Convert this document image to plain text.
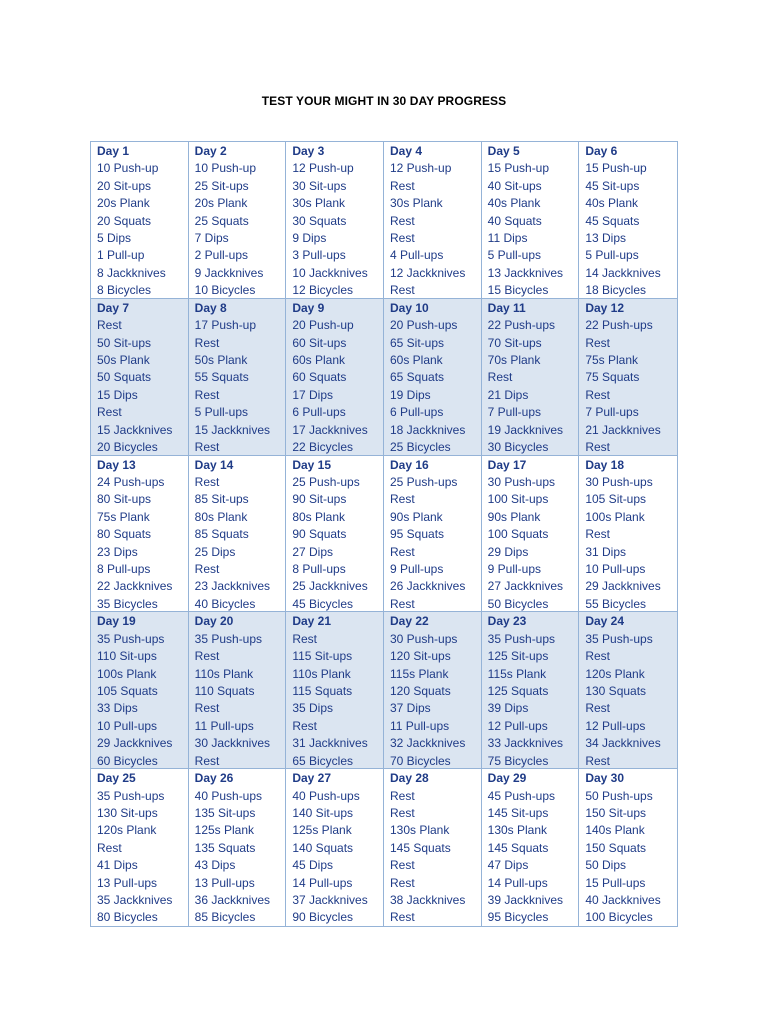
TEST YOUR MIGHT IN 30 DAY PROGRESS
Day 1
10 Push-up
20 Sit-ups
20s Plank
20 Squats
5 Dips
1 Pull-up
8 Jackknives
8 Bicycles
Day 2
10 Push-up
25 Sit-ups
20s Plank
25 Squats
7 Dips
2 Pull-ups
9 Jackknives
10 Bicycles
Day 3
12 Push-up
30 Sit-ups
30s Plank
30 Squats
9 Dips
3 Pull-ups
10 Jackknives
12 Bicycles
Day 4
12 Push-up
Rest
30s Plank
Rest
Rest
4 Pull-ups
12 Jackknives
Rest
Day 5
15 Push-up
40 Sit-ups
40s Plank
40 Squats
11 Dips
5 Pull-ups
13 Jackknives
15 Bicycles
Day 6
15 Push-up
45 Sit-ups
40s Plank
45 Squats
13 Dips
5 Pull-ups
14 Jackknives
18 Bicycles
Day 7
Rest
50 Sit-ups
50s Plank
50 Squats
15 Dips
Rest
15 Jackknives
20 Bicycles
Day 8
17 Push-up
Rest
50s Plank
55 Squats
Rest
5 Pull-ups
15 Jackknives
Rest
Day 9
20 Push-up
60 Sit-ups
60s Plank
60 Squats
17 Dips
6 Pull-ups
17 Jackknives
22 Bicycles
Day 10
20 Push-ups
65 Sit-ups
60s Plank
65 Squats
19 Dips
6 Pull-ups
18 Jackknives
25 Bicycles
Day 11
22 Push-ups
70 Sit-ups
70s Plank
Rest
21 Dips
7 Pull-ups
19 Jackknives
30 Bicycles
Day 12
22 Push-ups
Rest
75s Plank
75 Squats
Rest
7 Pull-ups
21 Jackknives
Rest
Day 13
24 Push-ups
80 Sit-ups
75s Plank
80 Squats
23 Dips
8 Pull-ups
22 Jackknives
35 Bicycles
Day 14
Rest
85 Sit-ups
80s Plank
85 Squats
25 Dips
Rest
23 Jackknives
40 Bicycles
Day 15
25 Push-ups
90 Sit-ups
80s Plank
90 Squats
27 Dips
8 Pull-ups
25 Jackknives
45 Bicycles
Day 16
25 Push-ups
Rest
90s Plank
95 Squats
Rest
9 Pull-ups
26 Jackknives
Rest
Day 17
30 Push-ups
100 Sit-ups
90s Plank
100 Squats
29 Dips
9 Pull-ups
27 Jackknives
50 Bicycles
Day 18
30 Push-ups
105 Sit-ups
100s Plank
Rest
31 Dips
10 Pull-ups
29 Jackknives
55 Bicycles
Day 19
35 Push-ups
110 Sit-ups
100s Plank
105 Squats
33 Dips
10 Pull-ups
29 Jackknives
60 Bicycles
Day 20
35 Push-ups
Rest
110s Plank
110 Squats
Rest
11 Pull-ups
30 Jackknives
Rest
Day 21
Rest
115 Sit-ups
110s Plank
115 Squats
35 Dips
Rest
31 Jackknives
65 Bicycles
Day 22
30 Push-ups
120 Sit-ups
115s Plank
120 Squats
37 Dips
11 Pull-ups
32 Jackknives
70 Bicycles
Day 23
35 Push-ups
125 Sit-ups
115s Plank
125 Squats
39 Dips
12 Pull-ups
33 Jackknives
75 Bicycles
Day 24
35 Push-ups
Rest
120s Plank
130 Squats
Rest
12 Pull-ups
34 Jackknives
Rest
Day 25
35 Push-ups
130 Sit-ups
120s Plank
Rest
41 Dips
13 Pull-ups
35 Jackknives
80 Bicycles
Day 26
40 Push-ups
135 Sit-ups
125s Plank
135 Squats
43 Dips
13 Pull-ups
36 Jackknives
85 Bicycles
Day 27
40 Push-ups
140 Sit-ups
125s Plank
140 Squats
45 Dips
14 Pull-ups
37 Jackknives
90 Bicycles
Day 28
Rest
Rest
130s Plank
145 Squats
Rest
Rest
38 Jackknives
Rest
Day 29
45 Push-ups
145 Sit-ups
130s Plank
145 Squats
47 Dips
14 Pull-ups
39 Jackknives
95 Bicycles
Day 30
50 Push-ups
150 Sit-ups
140s Plank
150 Squats
50 Dips
15 Pull-ups
40 Jackknives
100 Bicycles
